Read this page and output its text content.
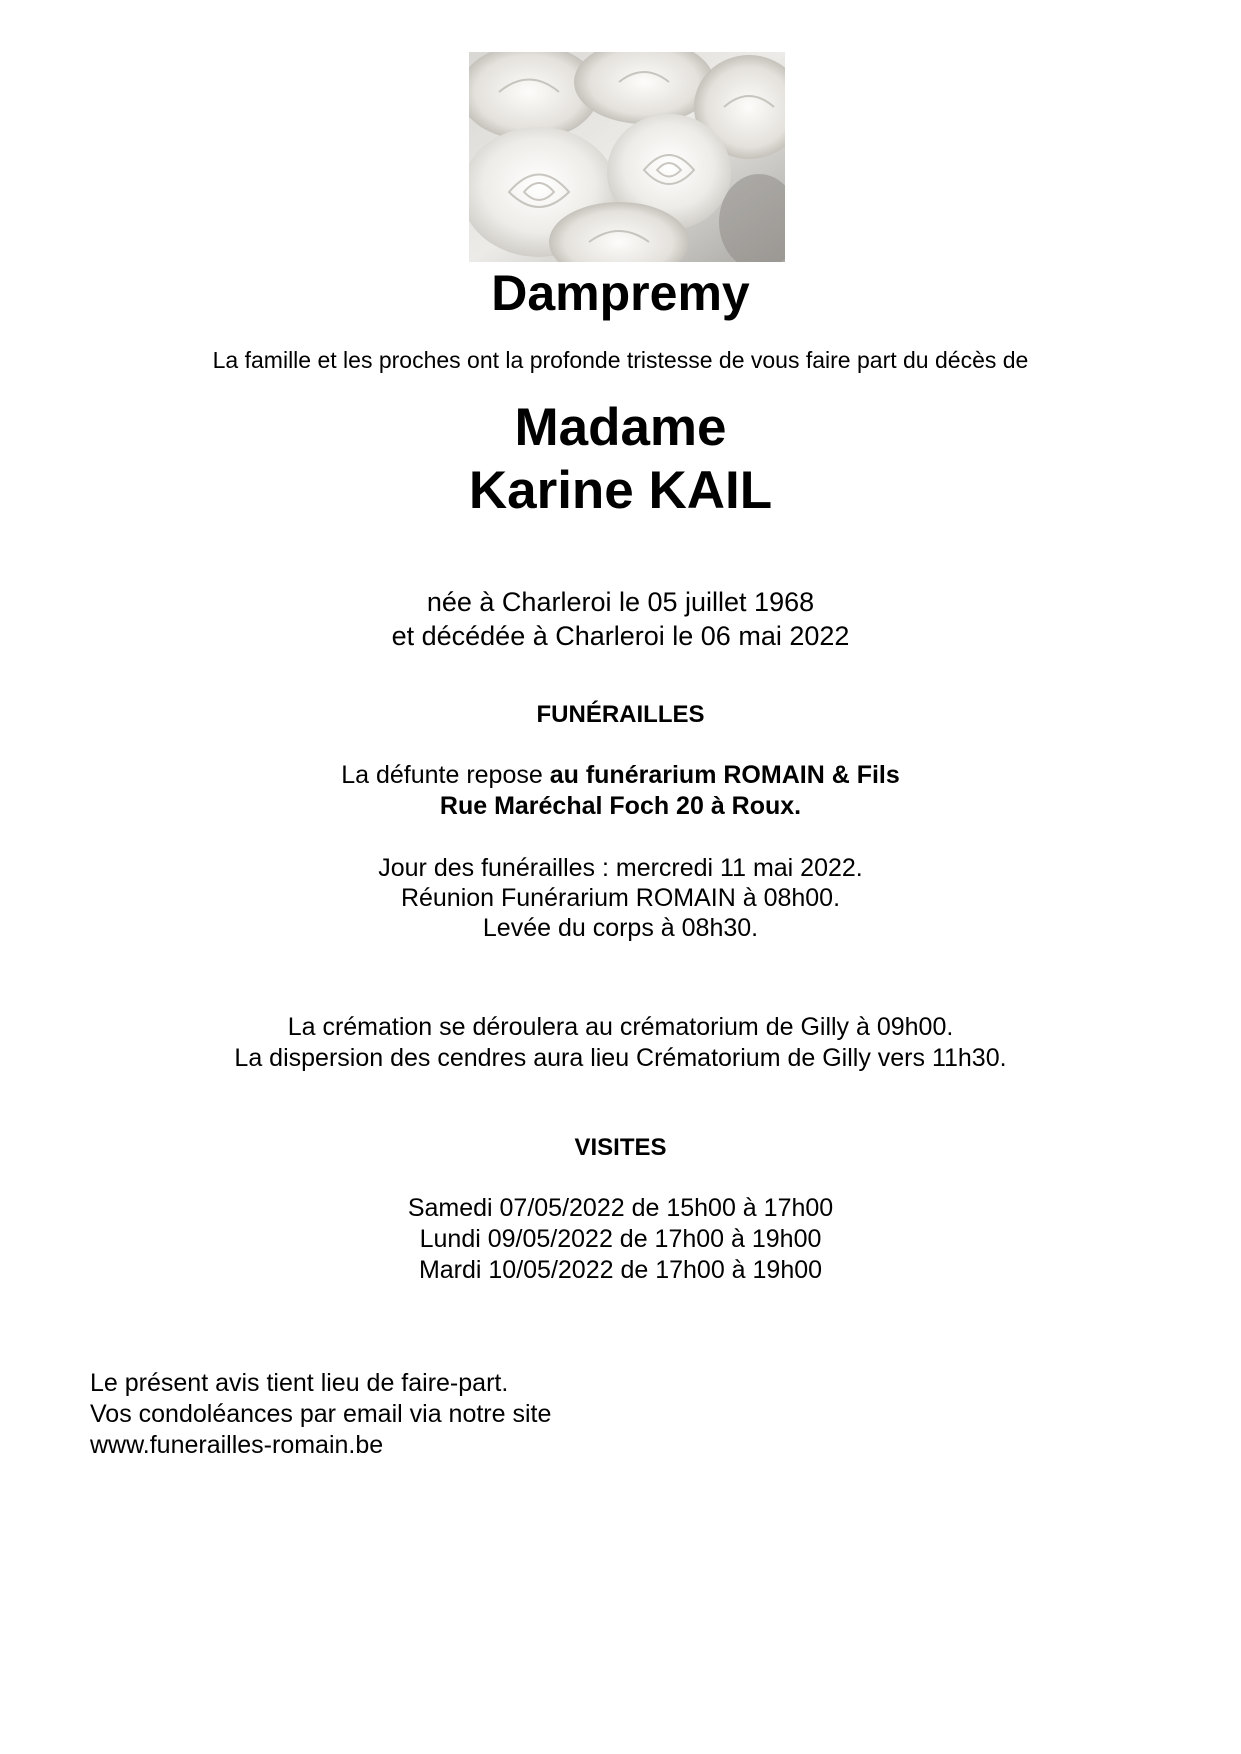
Dampremy
La famille et les proches ont la profonde tristesse de vous faire part du décès de
Madame
Karine KAIL
née à Charleroi le 05 juillet 1968
et décédée à Charleroi le 06 mai 2022
FUNÉRAILLES
La défunte repose au funérarium ROMAIN & Fils
Rue Maréchal Foch 20 à Roux.
Jour des funérailles : mercredi 11 mai 2022.
Réunion Funérarium ROMAIN à 08h00.
Levée du corps à 08h30.
La crémation se déroulera au crématorium de Gilly à 09h00.
La dispersion des cendres aura lieu Crématorium de Gilly vers 11h30.
VISITES
Samedi 07/05/2022 de 15h00 à 17h00
Lundi 09/05/2022 de 17h00 à 19h00
Mardi 10/05/2022 de 17h00 à 19h00
Le présent avis tient lieu de faire-part.
Vos condoléances par email via notre site
www.funerailles-romain.be
